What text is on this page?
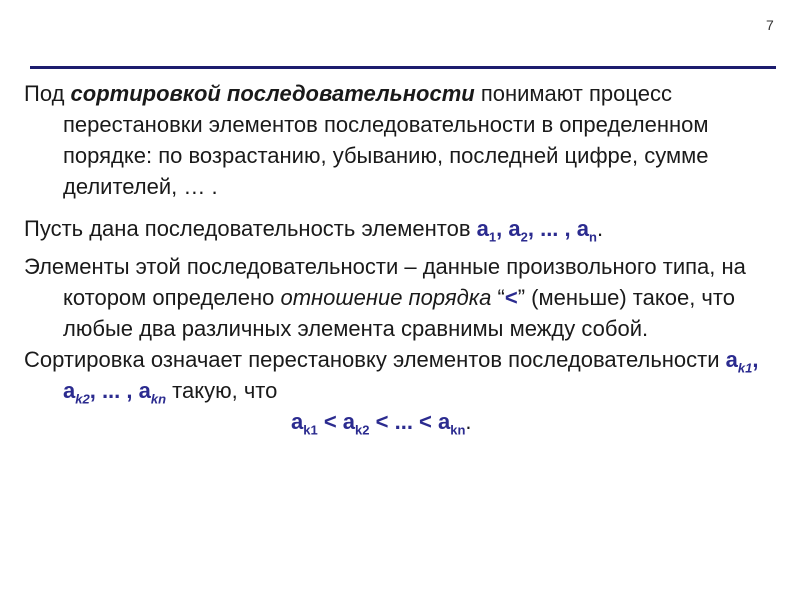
7

Под сортировкой последовательности понимают процесс перестановки элементов последовательности в определенном порядке: по возрастанию, убыванию, последней цифре, сумме делителей, … .

Пусть дана последовательность элементов $a_1$, $a_2$, ... , $a_n$.

Элементы этой последовательности – данные произвольного типа, на котором определено отношение порядка “<” (меньше) такое, что любые два различных элемента сравнимы между собой.

Сортировка означает перестановку элементов последовательности $a_{k1}$, $a_{k2}$, ... , $a_{kn}$ такую, что
$a_{k1} < a_{k2}$ < ... < $a_{kn}$.
